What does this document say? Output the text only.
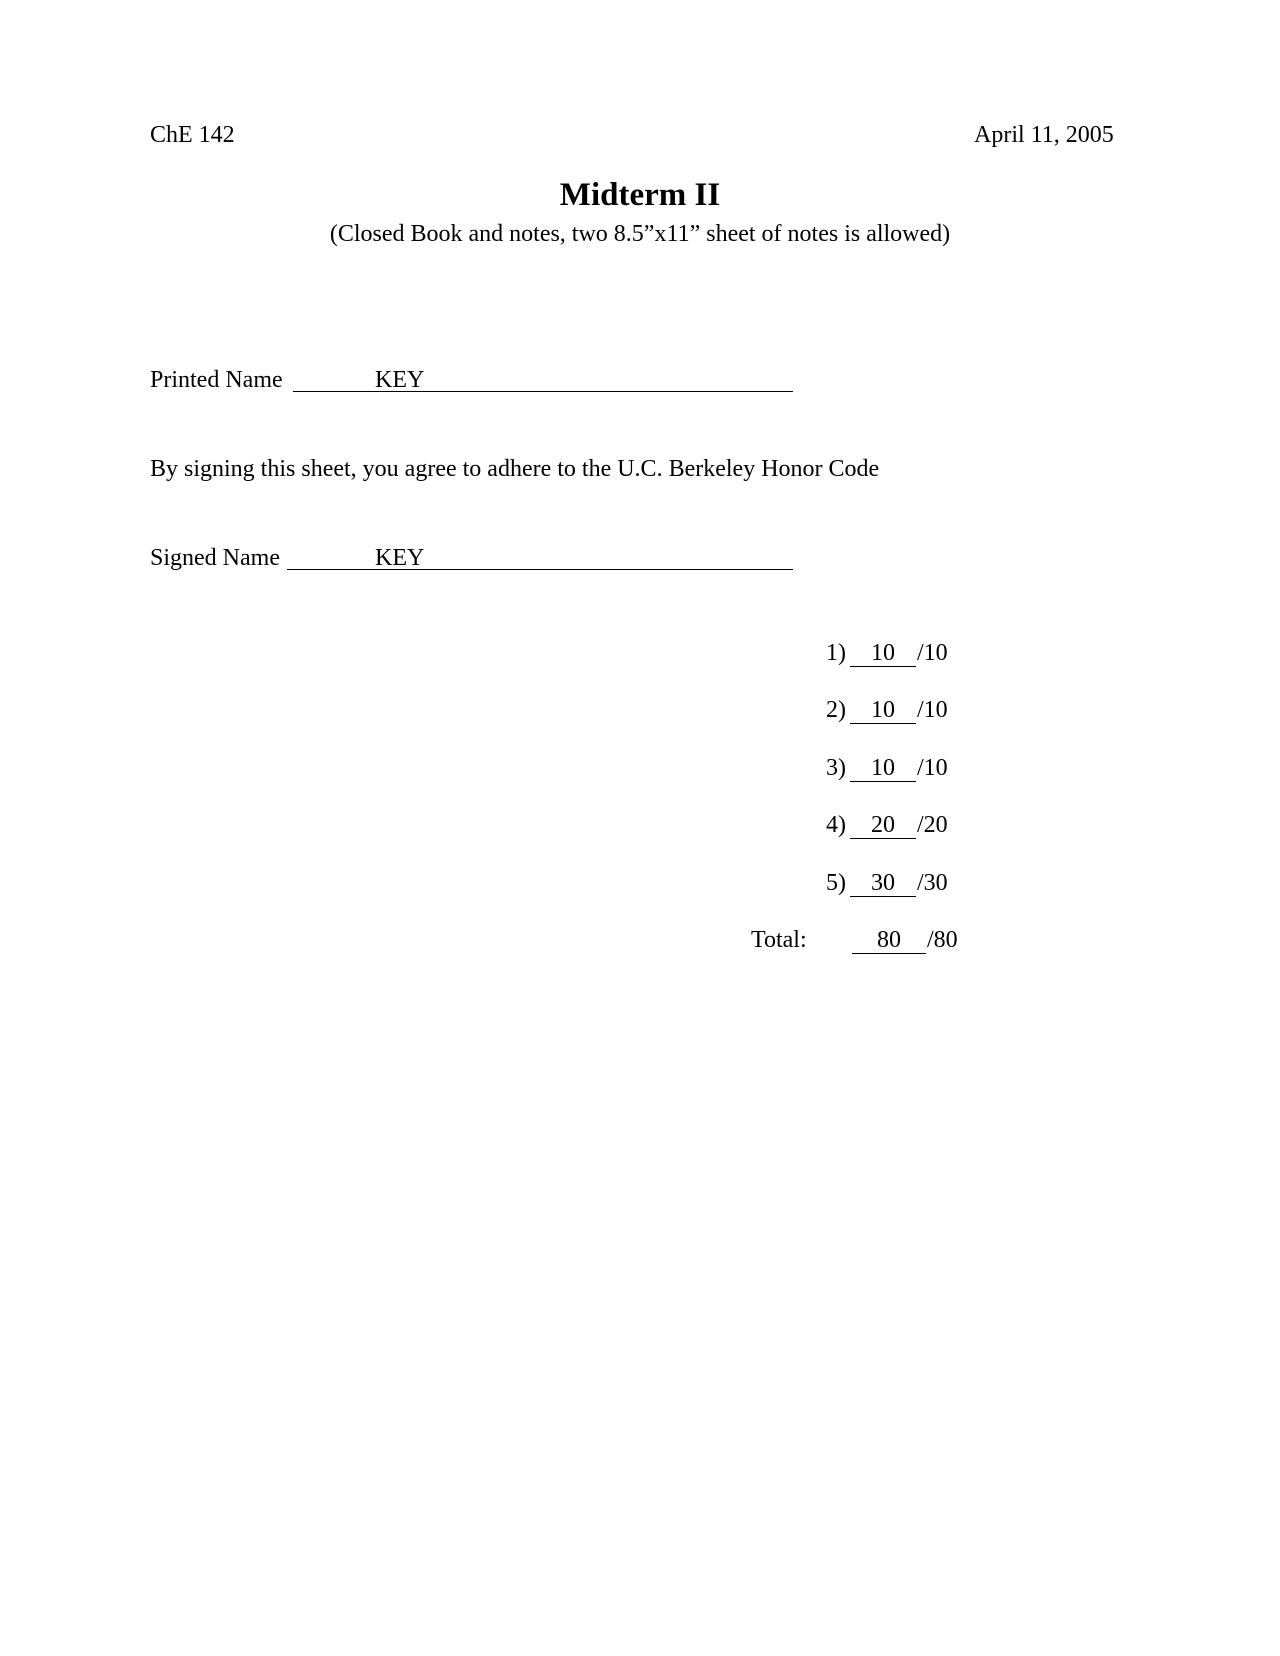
ChE 142	April 11, 2005
Midterm II
(Closed Book and notes, two 8.5”x11” sheet of notes is allowed)
Printed Name	KEY
By signing this sheet, you agree to adhere to the U.C. Berkeley Honor Code
Signed Name	KEY
1)	10 /10
2)	10 /10
3)	10 /10
4)	20 /20
5)	30 /30
Total:	80	/80
